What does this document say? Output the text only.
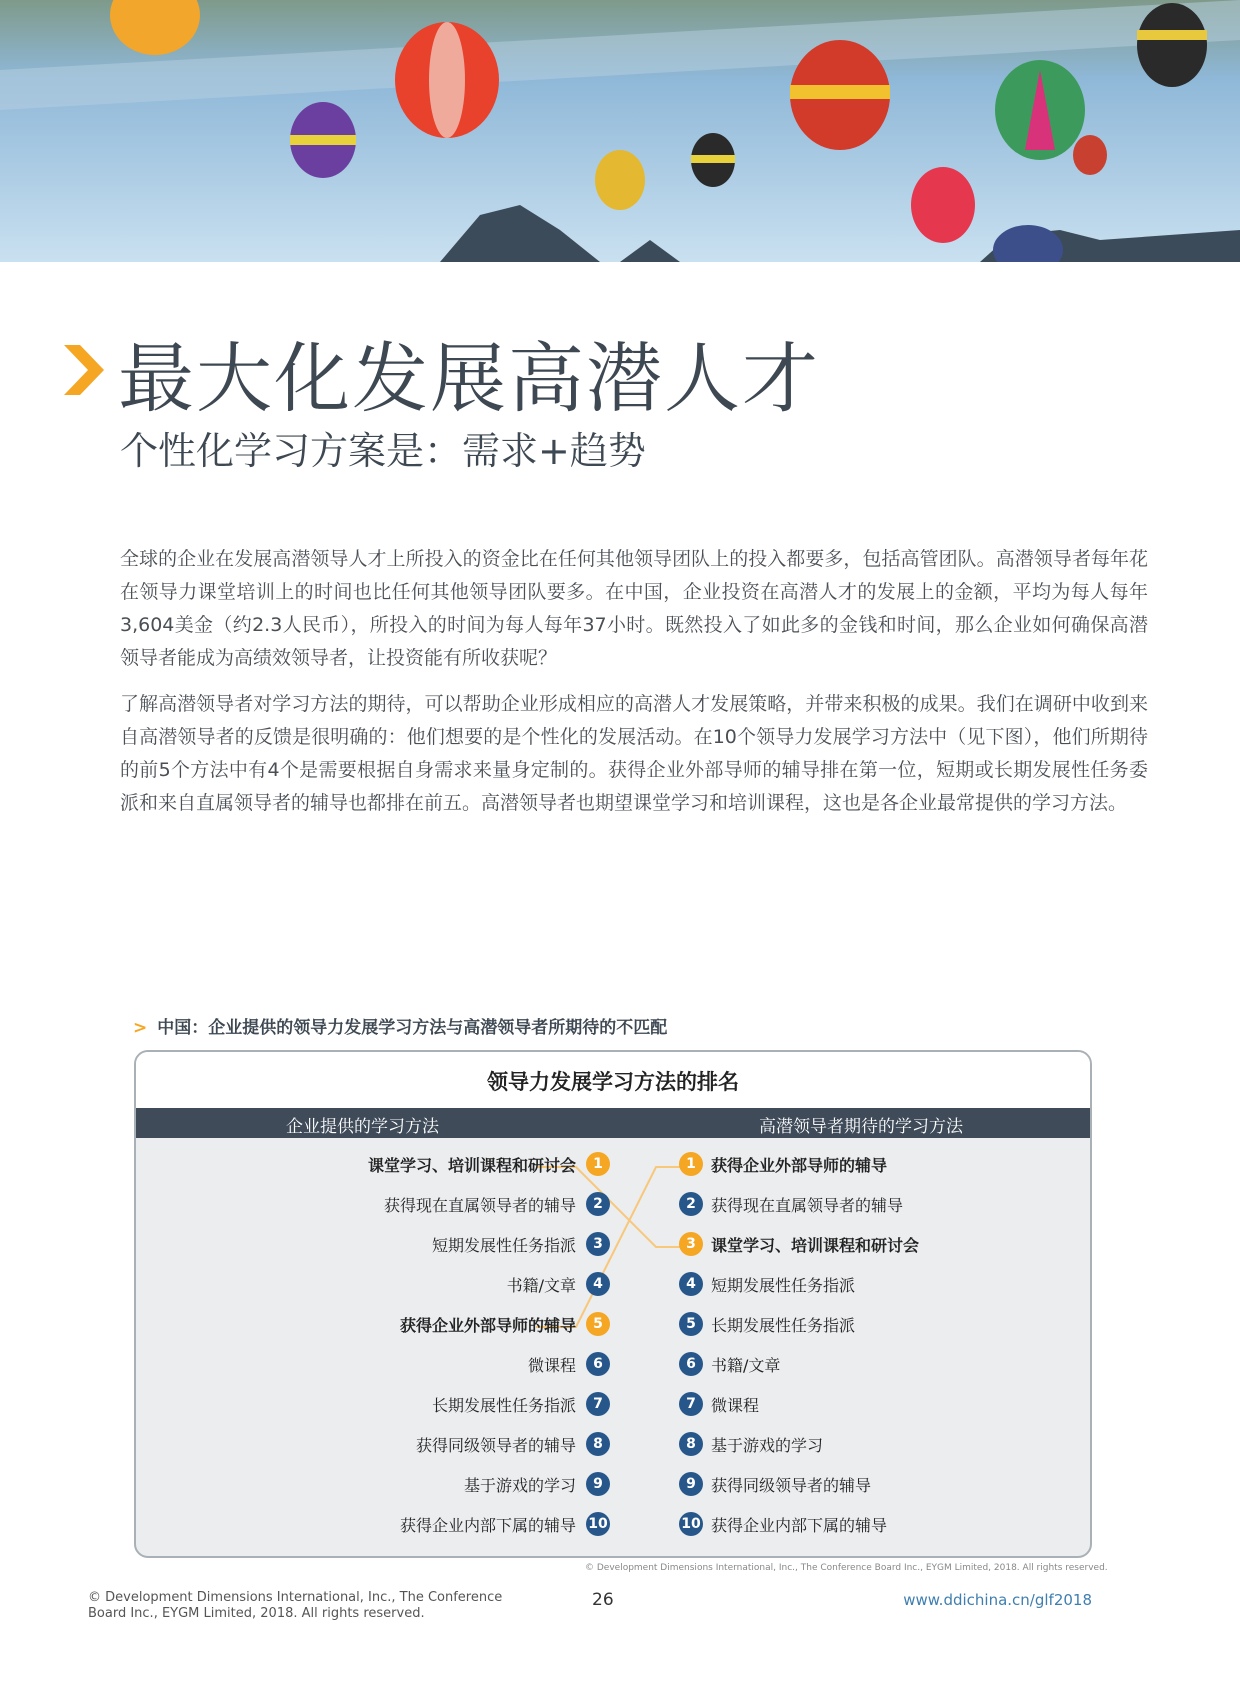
最大化发展高潜人才
个性化学习方案是：需求+趋势

全球的企业在发展高潜领导人才上所投入的资金比在任何其他领导团队上的投入都要多，包括高管团队。高潜领导者每年花在领导力课堂培训上的时间也比任何其他领导团队要多。在中国，企业投资在高潜人才的发展上的金额，平均为每人每年3,604美金（约2.3人民币），所投入的时间为每人每年37小时。既然投入了如此多的金钱和时间，那么企业如何确保高潜领导者能成为高绩效领导者，让投资能有所收获呢？

了解高潜领导者对学习方法的期待，可以帮助企业形成相应的高潜人才发展策略，并带来积极的成果。我们在调研中收到来自高潜领导者的反馈是很明确的：他们想要的是个性化的发展活动。在10个领导力发展学习方法中（见下图），他们所期待的前5个方法中有4个是需要根据自身需求来量身定制的。获得企业外部导师的辅导排在第一位，短期或长期发展性任务委派和来自直属领导者的辅导也都排在前五。高潜领导者也期望课堂学习和培训课程，这也是各企业最常提供的学习方法。

> 中国：企业提供的领导力发展学习方法与高潜领导者所期待的不匹配
领导力发展学习方法的排名
企业提供的学习方法	高潜领导者期待的学习方法
课堂学习、培训课程和研讨会 1
获得现在直属领导者的辅导 2
短期发展性任务指派 3
书籍/文章 4
获得企业外部导师的辅导 5
微课程 6
长期发展性任务指派 7
获得同级领导者的辅导 8
基于游戏的学习 9
获得企业内部下属的辅导 10
1 获得企业外部导师的辅导
2 获得现在直属领导者的辅导
3 课堂学习、培训课程和研讨会
4 短期发展性任务指派
5 长期发展性任务指派
6 书籍/文章
7 微课程
8 基于游戏的学习
9 获得同级领导者的辅导
10 获得企业内部下属的辅导
© Development Dimensions International, Inc., The Conference Board Inc., EYGM Limited, 2018. All rights reserved.
© Development Dimensions International, Inc., The Conference Board Inc., EYGM Limited, 2018. All rights reserved.
26	www.ddichina.cn/glf2018
